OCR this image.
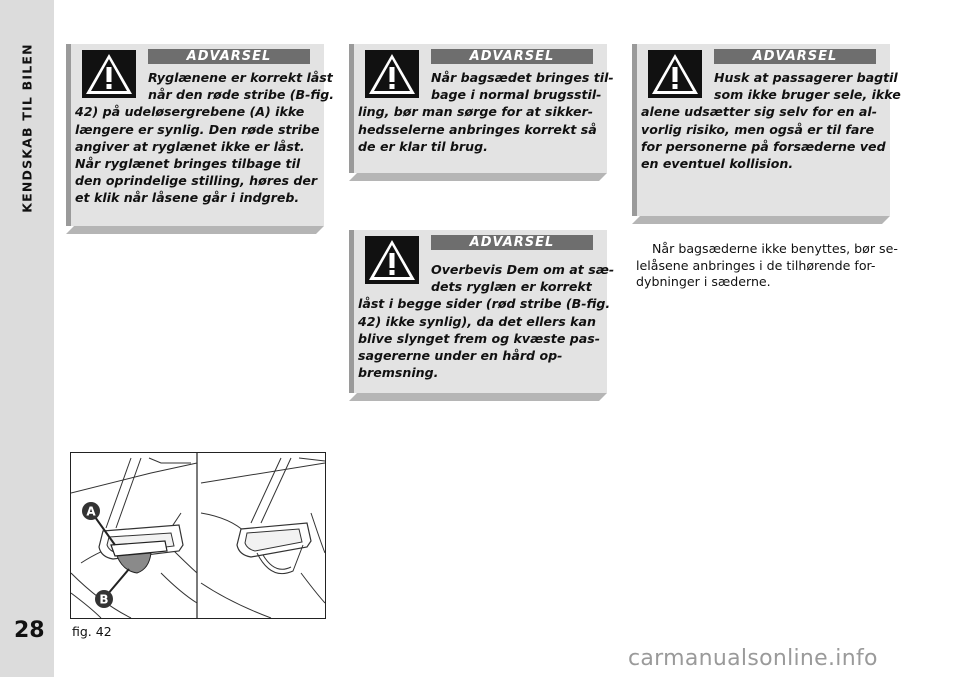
KENDSKAB TIL BILEN
28
ADVARSEL
Ryglænene er korrekt låst
når den røde stribe (B-fig.
42) på udeløsergrebene (A) ikke
længere er synlig. Den røde stribe
angiver at ryglænet ikke er låst.
Når ryglænet bringes tilbage til
den oprindelige stilling, høres der
et klik når låsene går i indgreb.
ADVARSEL
Når bagsædet bringes til-
bage i normal brugsstil-
ling, bør man sørge for at sikker-
hedsselerne anbringes korrekt så
de er klar til brug.
ADVARSEL
Husk at passagerer bagtil
som ikke bruger sele, ikke
alene udsætter sig selv for en al-
vorlig risiko, men også er til fare
for personerne på forsæderne ved
en eventuel kollision.
ADVARSEL
Overbevis Dem om at sæ-
dets ryglæn er korrekt
låst i begge sider (rød stribe (B-fig.
42) ikke synlig), da det ellers kan
blive slynget frem og kvæste pas-
sagererne under en hård op-
bremsning.
Når bagsæderne ikke benyttes, bør se-
lelåsene anbringes i de tilhørende for-
dybninger i sæderne.
A
B
fig. 42
carmanualsonline.info
